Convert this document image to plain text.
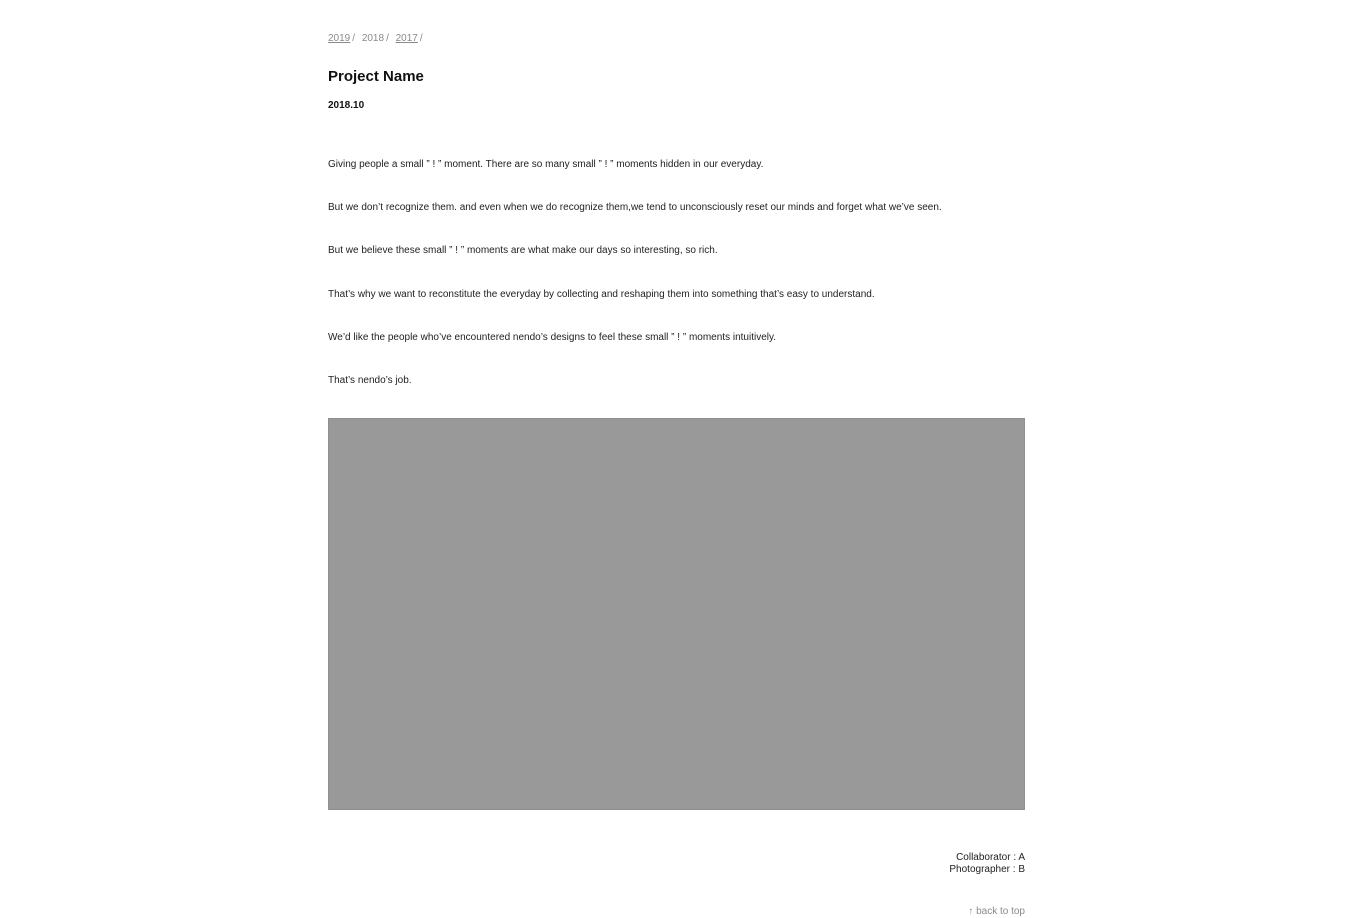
2019 / 2018 / 2017 /
Project Name
2018.10

Giving people a small ” ! ” moment. There are so many small ” ! ” moments hidden in our everyday.

But we don’t recognize them. and even when we do recognize them,we tend to unconsciously reset our minds and forget what we’ve seen.

But we believe these small ” ! ” moments are what make our days so interesting, so rich.

That’s why we want to reconstitute the everyday by collecting and reshaping them into something that’s easy to understand.

We’d like the people who’ve encountered nendo’s designs to feel these small ” ! ” moments intuitively.

That’s nendo’s job.

Collaborator : A
Photographer : B
↑ back to top
